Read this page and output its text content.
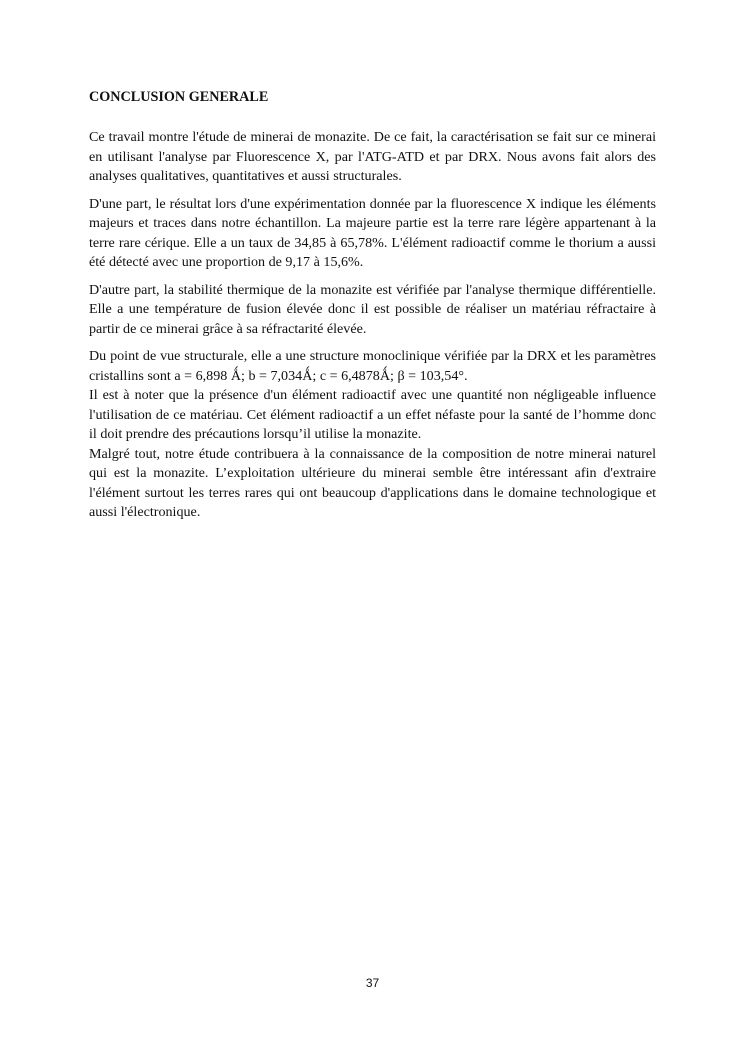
CONCLUSION GENERALE

Ce travail montre l'étude de minerai de monazite. De ce fait, la caractérisation se fait sur ce minerai en utilisant l'analyse par Fluorescence X, par l'ATG-ATD et par DRX. Nous avons fait alors des analyses qualitatives, quantitatives et aussi structurales.

D'une part, le résultat lors d'une expérimentation donnée par la fluorescence X indique les éléments majeurs et traces dans notre échantillon. La majeure partie est la terre rare légère appartenant à la terre rare cérique. Elle a un taux de 34,85 à 65,78%. L'élément radioactif comme le thorium a aussi été détecté avec une proportion de 9,17 à 15,6%.

D'autre part, la stabilité thermique de la monazite est vérifiée par l'analyse thermique différentielle. Elle a une température de fusion élevée donc il est possible de réaliser un matériau réfractaire à partir de ce minerai grâce à sa réfractarité élevée.

Du point de vue structurale, elle a une structure monoclinique vérifiée par la DRX et les paramètres cristallins sont a = 6,898 Ǻ; b = 7,034Ǻ; c = 6,4878Ǻ; β = 103,54°.

Il est à noter que la présence d'un élément radioactif avec une quantité non négligeable influence l'utilisation de ce matériau. Cet élément radioactif a un effet néfaste pour la santé de l’homme donc il doit prendre des précautions lorsqu’il utilise la monazite.

Malgré tout, notre étude contribuera à la connaissance de la composition de notre minerai naturel qui est la monazite. L’exploitation ultérieure du minerai semble être intéressant afin d'extraire l'élément surtout les terres rares qui ont beaucoup d'applications dans le domaine technologique et aussi l'électronique.

37
